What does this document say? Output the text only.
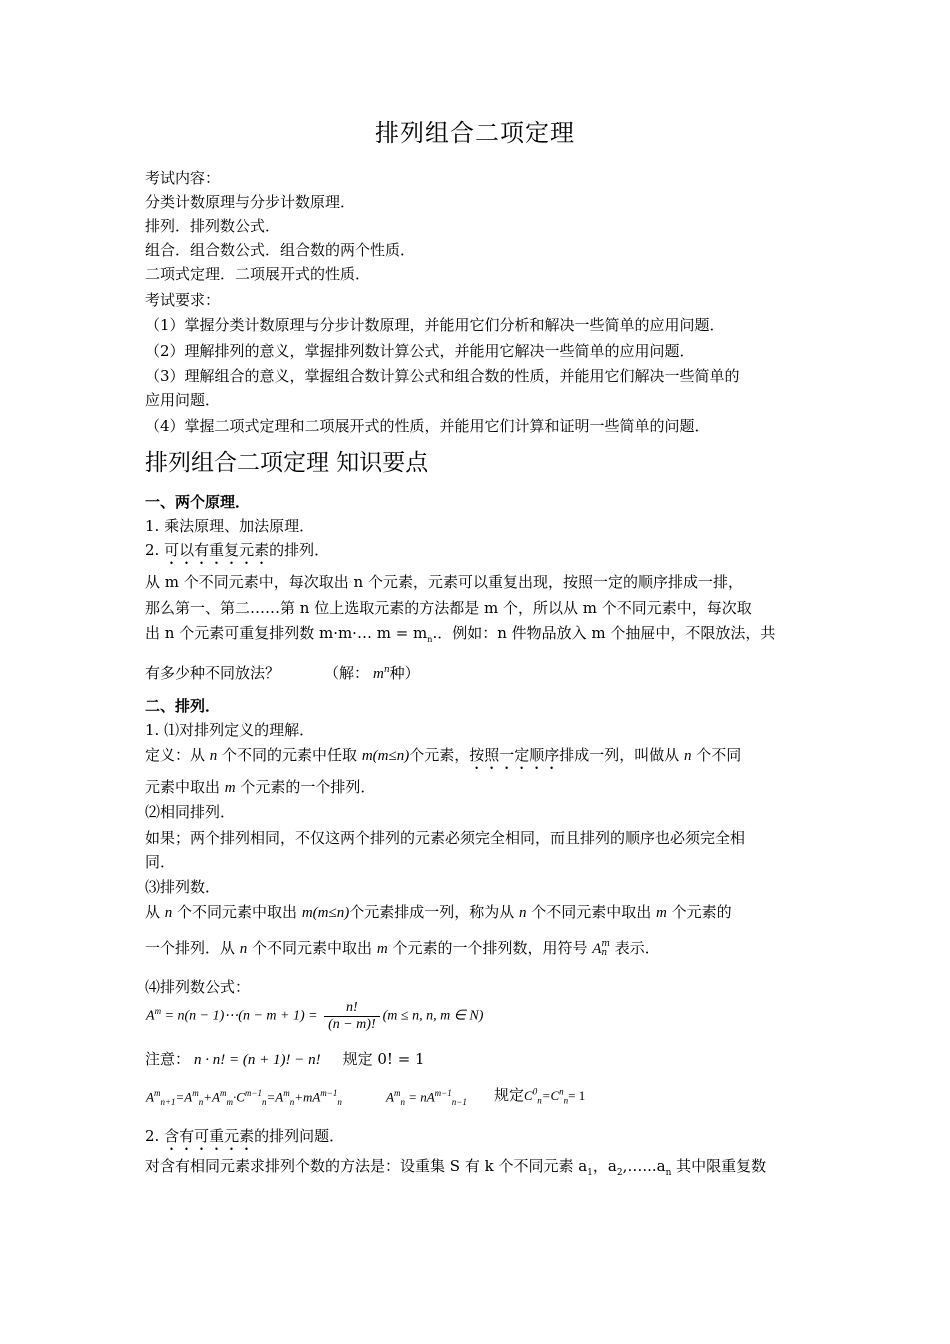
排列组合二项定理
考试内容：
分类计数原理与分步计数原理．
排列．排列数公式．
组合．组合数公式．组合数的两个性质．
二项式定理．二项展开式的性质．
考试要求：
（1）掌握分类计数原理与分步计数原理，并能用它们分析和解决一些简单的应用问题．
（2）理解排列的意义，掌握排列数计算公式，并能用它解决一些简单的应用问题．
（3）理解组合的意义，掌握组合数计算公式和组合数的性质，并能用它们解决一些简单的
应用问题．
（4）掌握二项式定理和二项展开式的性质，并能用它们计算和证明一些简单的问题．
排列组合二项定理 知识要点
一、两个原理．
1. 乘法原理、加法原理．
2. 可以有重复元素的排列．
从 m 个不同元素中，每次取出 n 个元素，元素可以重复出现，按照一定的顺序排成一排，
那么第一、第二……第 n 位上选取元素的方法都是 m 个，所以从 m 个不同元素中，每次取
出 n 个元素可重复排列数 m·m·… $m = m_n$.．例如：n 件物品放入 m 个抽屉中，不限放法，共
有多少种不同放法？	（解： $m^n$种）
二、排列．
1. ⑴对排列定义的理解．
定义：从 n 个不同的元素中任取 m(m≤n)个元素，按照一定顺序排成一列，叫做从 n 个不同
元素中取出 m 个元素的一个排列．
⑵相同排列．
如果；两个排列相同，不仅这两个排列的元素必须完全相同，而且排列的顺序也必须完全相
同．
⑶排列数．
从 n 个不同元素中取出 m(m≤n)个元素排成一列，称为从 n 个不同元素中取出 m 个元素的
一个排列．从 n 个不同元素中取出 m 个元素的一个排列数，用符号 A m
n 表示．
⑷排列数公式：
$A^m = n(n$ − 1)⋯(n − $m + 1) = \frac{n!}{(n - m)!} (m \le n$, n, m ∈ N)
注意： n · n! = (n + 1)! − n! 规定 0! = 1
$A^m_{n+1}=A^m_n+A^m_m\cdot C^{m-1}_n=A^m_n+mA^{m-1}_n$	$A^m_n = nA^{m-1}_{n-1}$ 规定$C^0_n=C^n_n= 1$
2. 含有可重元素的排列问题．
对含有相同元素求排列个数的方法是：设重集 S 有 k 个不同元素 $a_1$，$a_2,\dots...a_n$ 其中限重复数
